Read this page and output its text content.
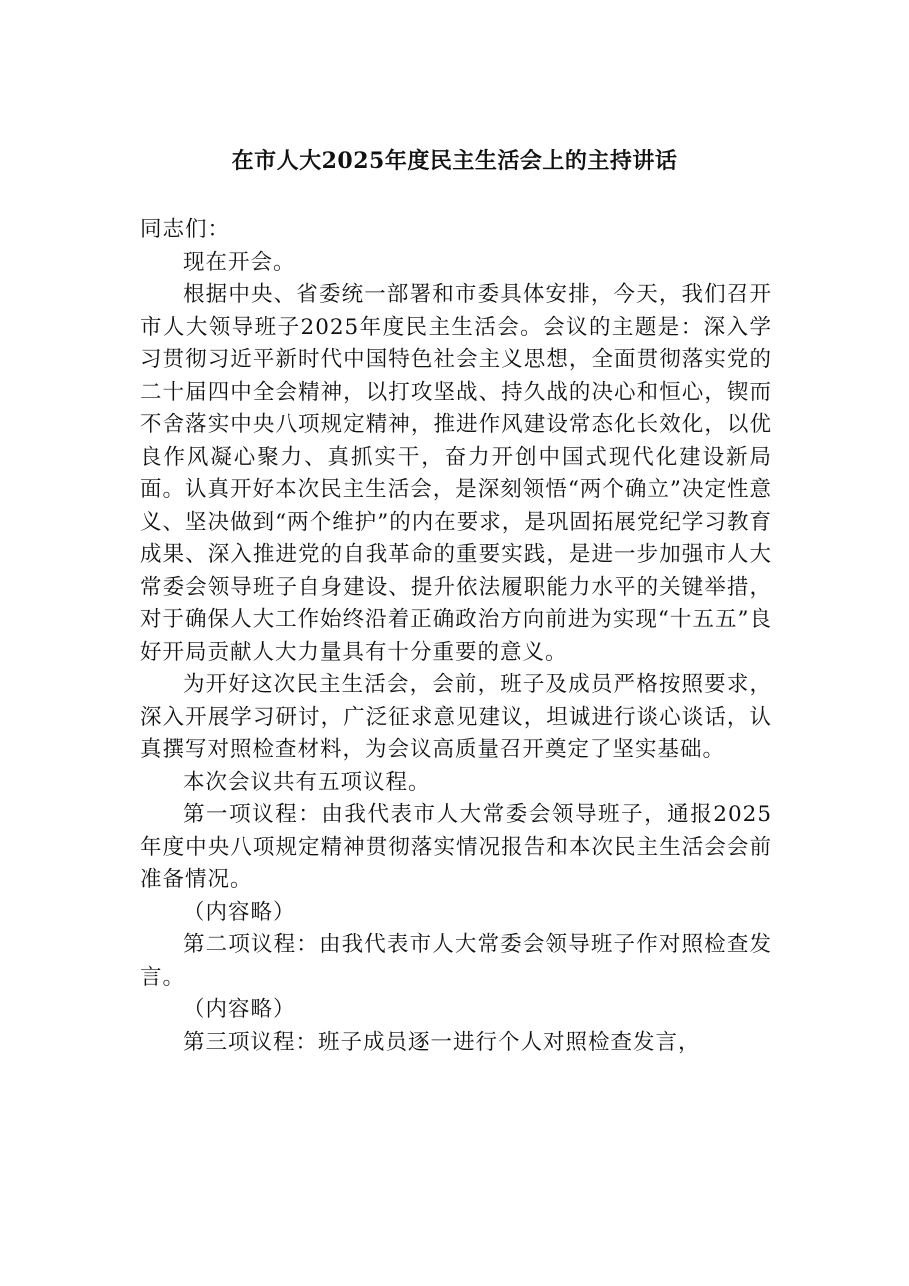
在市人大2025年度民主生活会上的主持讲话

同志们：

现在开会。

根据中央、省委统一部署和市委具体安排，今天，我们召开市人大领导班子2025年度民主生活会。会议的主题是：深入学习贯彻习近平新时代中国特色社会主义思想，全面贯彻落实党的二十届四中全会精神，以打攻坚战、持久战的决心和恒心，锲而不舍落实中央八项规定精神，推进作风建设常态化长效化，以优良作风凝心聚力、真抓实干，奋力开创中国式现代化建设新局面。认真开好本次民主生活会，是深刻领悟“两个确立”决定性意义、坚决做到“两个维护”的内在要求，是巩固拓展党纪学习教育成果、深入推进党的自我革命的重要实践，是进一步加强市人大常委会领导班子自身建设、提升依法履职能力水平的关键举措，对于确保人大工作始终沿着正确政治方向前进为实现“十五五”良好开局贡献人大力量具有十分重要的意义。

为开好这次民主生活会，会前，班子及成员严格按照要求，深入开展学习研讨，广泛征求意见建议，坦诚进行谈心谈话，认真撰写对照检查材料，为会议高质量召开奠定了坚实基础。

本次会议共有五项议程。

第一项议程：由我代表市人大常委会领导班子，通报2025年度中央八项规定精神贯彻落实情况报告和本次民主生活会会前准备情况。

（内容略）

第二项议程：由我代表市人大常委会领导班子作对照检查发言。

（内容略）

第三项议程：班子成员逐一进行个人对照检查发言，
